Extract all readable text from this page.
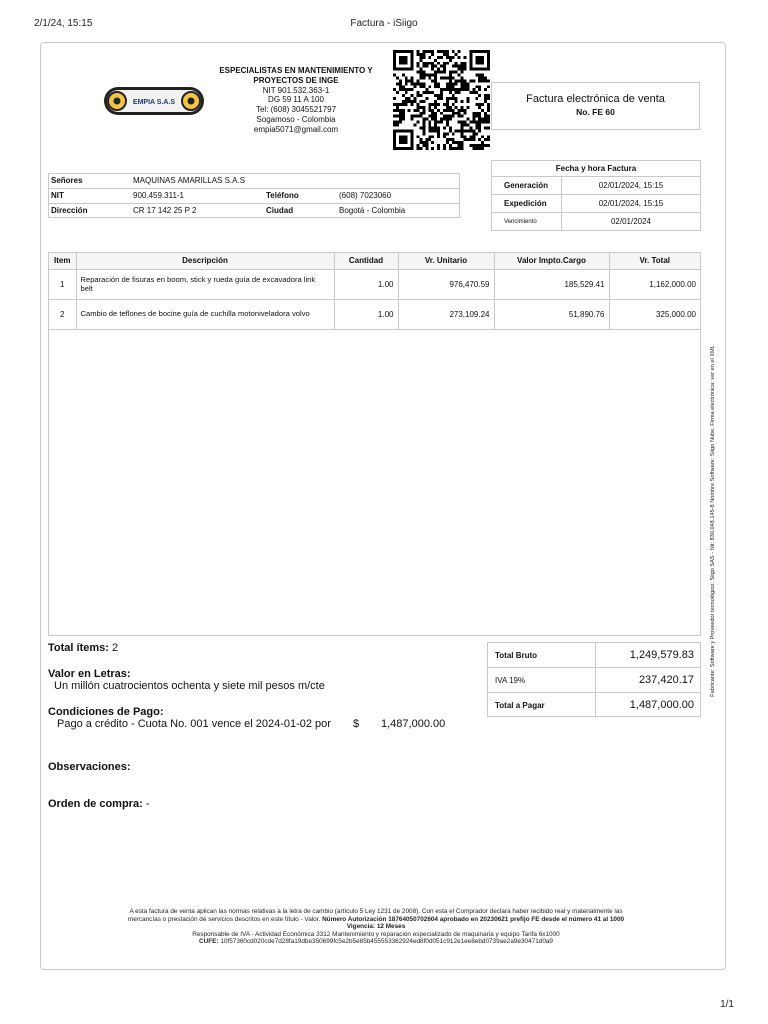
2/1/24, 15:15	Factura - iSiigo
EMPIA S.A.S
ESPECIALISTAS EN MANTENIMIENTO Y PROYECTOS DE INGE
NIT 901.532.363-1
DG 59 11 A 100
Tel: (608) 3045521797
Sogamoso - Colombia
empia5071@gmail.com
Factura electrónica de venta
No. FE 60
Señores	MAQUINAS AMARILLAS S.A.S
NIT	900.459.311-1	Teléfono	(608) 7023060
Dirección	CR 17 142 25 P 2	Ciudad	Bogotá - Colombia
Fecha y hora Factura
Generación	02/01/2024, 15:15
Expedición	02/01/2024, 15:15
Vencimiento	02/01/2024
Item	Descripción	Cantidad	Vr. Unitario	Valor Impto.Cargo	Vr. Total
1	Reparación de fisuras en boom, stick y rueda guía de excavadora link belt	1.00	976,470.59	185,529.41	1,162,000.00
2	Cambio de teflones de bocine guía de cuchilla motoniveladora volvo	1.00	273,109.24	51,890.76	325,000.00
Total ítems: 2
Valor en Letras:
Un millón cuatrocientos ochenta y siete mil pesos m/cte
Condiciones de Pago:
Pago a crédito - Cuota No. 001 vence el 2024-01-02 por $ 1,487,000.00
Observaciones:
Orden de compra: -
Total Bruto	1,249,579.83
IVA 19%	237,420.17
Total a Pagar	1,487,000.00
A esta factura de venta aplican las normas relativas a la letra de cambio (artículo 5 Ley 1231 de 2008). Con esta el Comprador declara haber recibido real y materialmente las
mercancías o prestación de servicios descritos en este título - Valor. Número Autorización 18764050702604 aprobado en 20230621 prefijo FE desde el número 41 al 1000
Vigencia: 12 Meses
Responsable de IVA - Actividad Económica 3312 Mantenimiento y reparación especializado de maquinaria y equipo Tarifa 6x1000
CUFE: 10f57360cd020cde7d28fa19dbe350699fc5e2b5e85b455553362924ed8f0d051c912e1ee8ebd0739ae2a9e30471d0a9
Fabricante: Software y Proveedor tecnológico: Siigo SAS - Nit: 830.048.145-8 Nombre Software: Siigo Nube. Firma electrónica: ver en el XML
1/1
